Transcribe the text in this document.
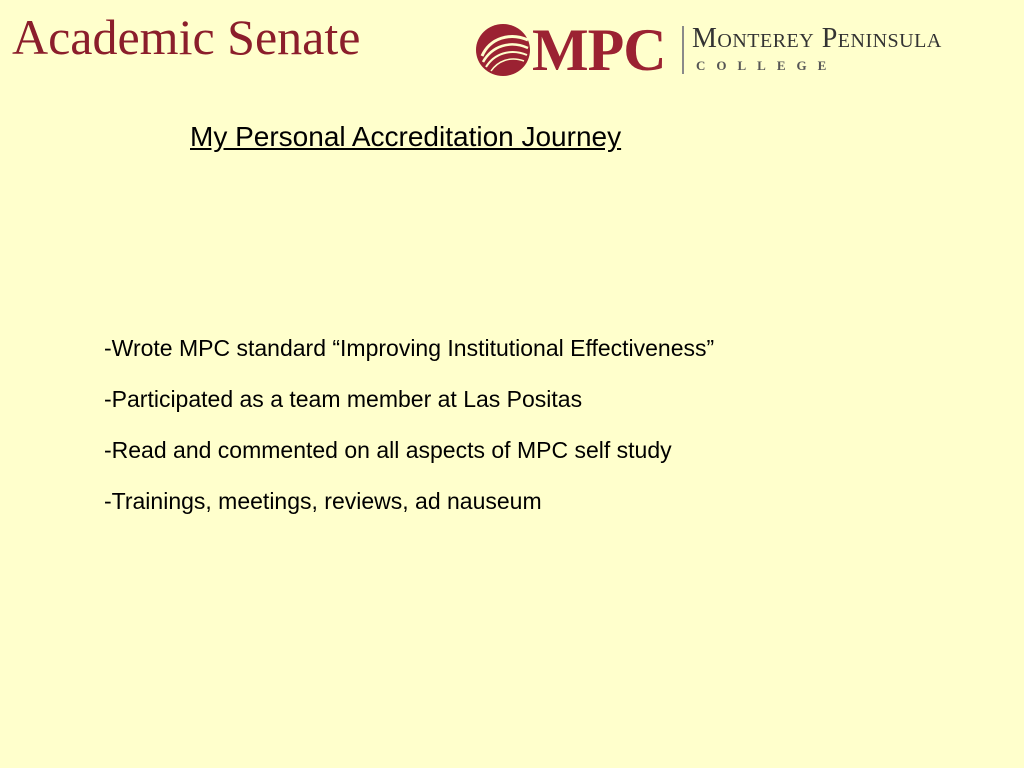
Academic Senate	MPC Monterey Peninsula
COLLEGE
My Personal Accreditation Journey
-Wrote MPC standard “Improving Institutional Effectiveness”
-Participated as a team member at Las Positas
-Read and commented on all aspects of MPC self study
-Trainings, meetings, reviews, ad nauseum
